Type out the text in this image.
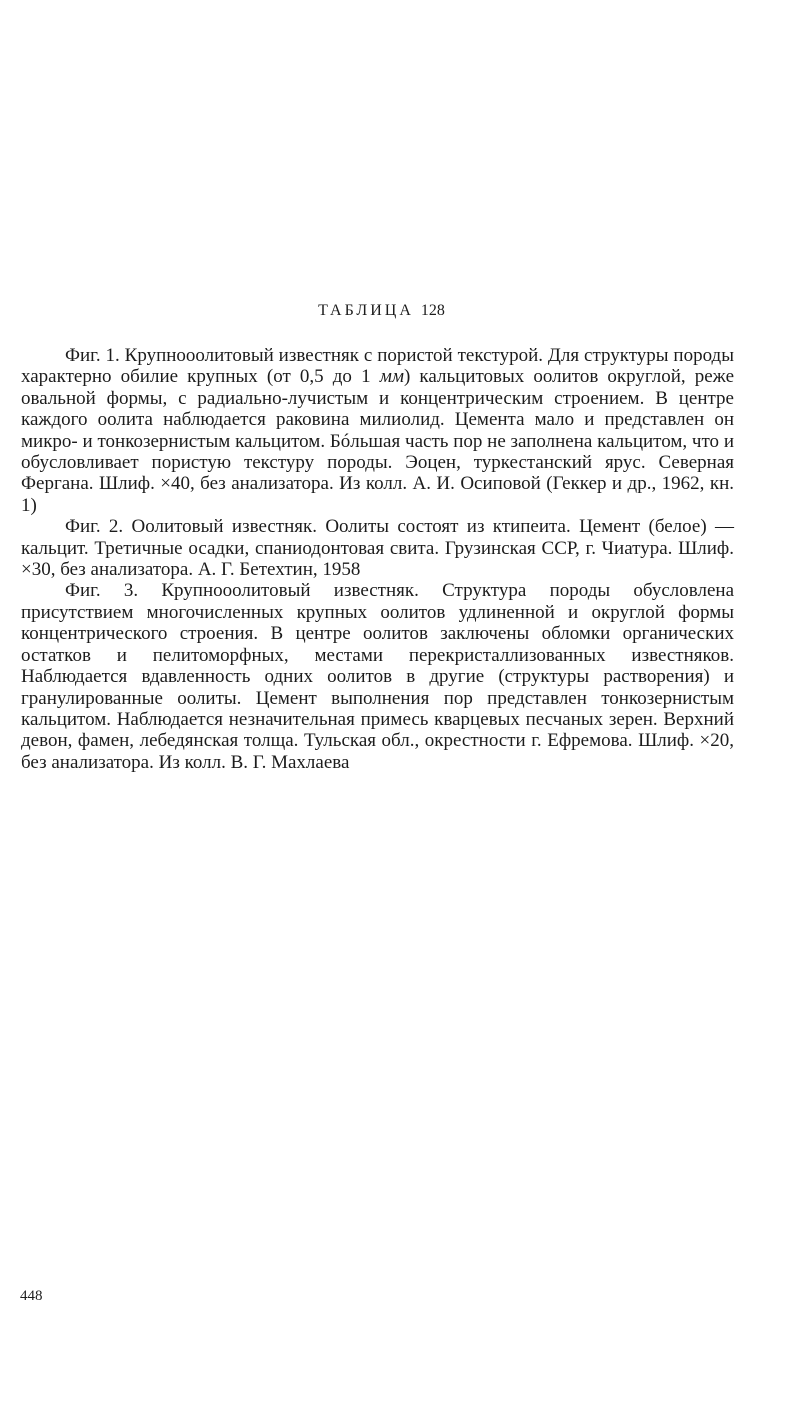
ТАБЛИЦА 128

Фиг. 1. Крупнооолитовый известняк с пористой текстурой. Для структуры породы характерно обилие крупных (от 0,5 до 1 мм) кальцитовых оолитов округлой, реже овальной формы, с радиально-лучистым и концентрическим строением. В центре каждого оолита наблюдается раковина милиолид. Цемента мало и представлен он микро- и тонкозернистым кальцитом. Бóльшая часть пор не заполнена кальцитом, что и обусловливает пористую текстуру породы. Эоцен, туркестанский ярус. Северная Фергана. Шлиф. ×40, без анализатора. Из колл. А. И. Осиповой (Геккер и др., 1962, кн. 1)

Фиг. 2. Оолитовый известняк. Оолиты состоят из ктипеита. Цемент (белое) — кальцит. Третичные осадки, спаниодонтовая свита. Грузинская ССР, г. Чиатура. Шлиф. ×30, без анализатора. А. Г. Бетехтин, 1958

Фиг. 3. Крупнооолитовый известняк. Структура породы обусловлена присутствием многочисленных крупных оолитов удлиненной и округлой формы концентрического строения. В центре оолитов заключены обломки органических остатков и пелитоморфных, местами перекристаллизованных известняков. Наблюдается вдавленность одних оолитов в другие (структуры растворения) и гранулированные оолиты. Цемент выполнения пор представлен тонкозернистым кальцитом. Наблюдается незначительная примесь кварцевых песчаных зерен. Верхний девон, фамен, лебедянская толща. Тульская обл., окрестности г. Ефремова. Шлиф. ×20, без анализатора. Из колл. В. Г. Махлаева

448
